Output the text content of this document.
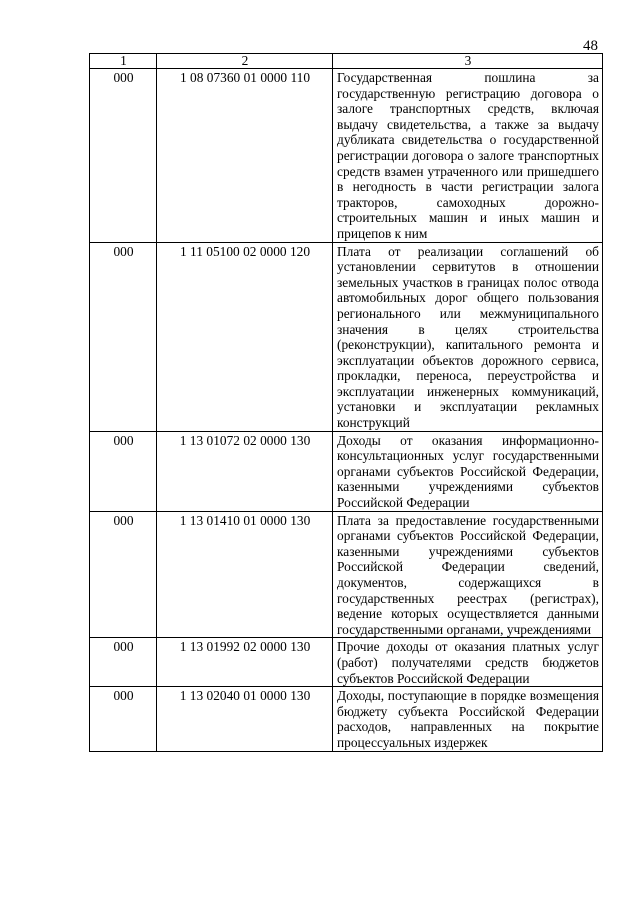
48
1	2	3
000	1 08 07360 01 0000 110	Государственная пошлина за государственную регистрацию договора о залоге транспортных средств, включая выдачу свидетельства, а также за выдачу дубликата свидетельства о государственной регистрации договора о залоге транспортных средств взамен утраченного или пришедшего в негодность в части регистрации залога тракторов, самоходных дорожно-строительных машин и иных машин и прицепов к ним
000	1 11 05100 02 0000 120	Плата от реализации соглашений об установлении сервитутов в отношении земельных участков в границах полос отвода автомобильных дорог общего пользования регионального или межмуниципального значения в целях строительства (реконструкции), капитального ремонта и эксплуатации объектов дорожного сервиса, прокладки, переноса, переустройства и эксплуатации инженерных коммуникаций, установки и эксплуатации рекламных конструкций
000	1 13 01072 02 0000 130	Доходы от оказания информационно-консультационных услуг государственными органами субъектов Российской Федерации, казенными учреждениями субъектов Российской Федерации
000	1 13 01410 01 0000 130	Плата за предоставление государственными органами субъектов Российской Федерации, казенными учреждениями субъектов Российской Федерации сведений, документов, содержащихся в государственных реестрах (регистрах), ведение которых осуществляется данными государственными органами, учреждениями
000	1 13 01992 02 0000 130	Прочие доходы от оказания платных услуг (работ) получателями средств бюджетов субъектов Российской Федерации
000	1 13 02040 01 0000 130	Доходы, поступающие в порядке возмещения бюджету субъекта Российской Федерации расходов, направленных на покрытие процессуальных издержек
